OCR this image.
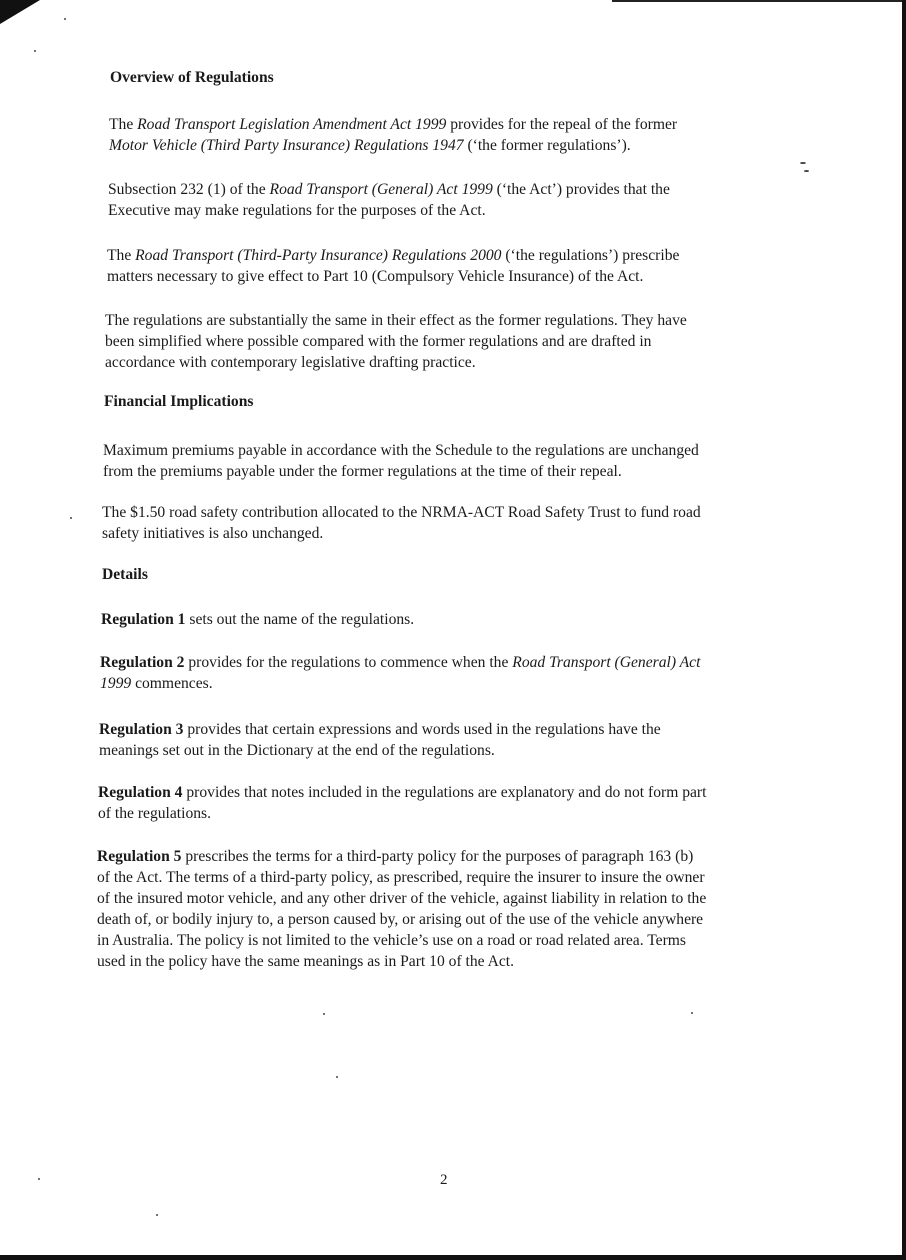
Overview of Regulations
The Road Transport Legislation Amendment Act 1999 provides for the repeal of the former
Motor Vehicle (Third Party Insurance) Regulations 1947 (‘the former regulations’).
Subsection 232 (1) of the Road Transport (General) Act 1999 (‘the Act’) provides that the
Executive may make regulations for the purposes of the Act.
The Road Transport (Third-Party Insurance) Regulations 2000 (‘the regulations’) prescribe
matters necessary to give effect to Part 10 (Compulsory Vehicle Insurance) of the Act.
The regulations are substantially the same in their effect as the former regulations. They have
been simplified where possible compared with the former regulations and are drafted in
accordance with contemporary legislative drafting practice.
Financial Implications
Maximum premiums payable in accordance with the Schedule to the regulations are unchanged
from the premiums payable under the former regulations at the time of their repeal.
The $1.50 road safety contribution allocated to the NRMA-ACT Road Safety Trust to fund road
safety initiatives is also unchanged.
Details
Regulation 1 sets out the name of the regulations.
Regulation 2 provides for the regulations to commence when the Road Transport (General) Act
1999 commences.
Regulation 3 provides that certain expressions and words used in the regulations have the
meanings set out in the Dictionary at the end of the regulations.
Regulation 4 provides that notes included in the regulations are explanatory and do not form part
of the regulations.
Regulation 5 prescribes the terms for a third-party policy for the purposes of paragraph 163 (b)
of the Act. The terms of a third-party policy, as prescribed, require the insurer to insure the owner
of the insured motor vehicle, and any other driver of the vehicle, against liability in relation to the
death of, or bodily injury to, a person caused by, or arising out of the use of the vehicle anywhere
in Australia. The policy is not limited to the vehicle’s use on a road or road related area. Terms
used in the policy have the same meanings as in Part 10 of the Act.
2
